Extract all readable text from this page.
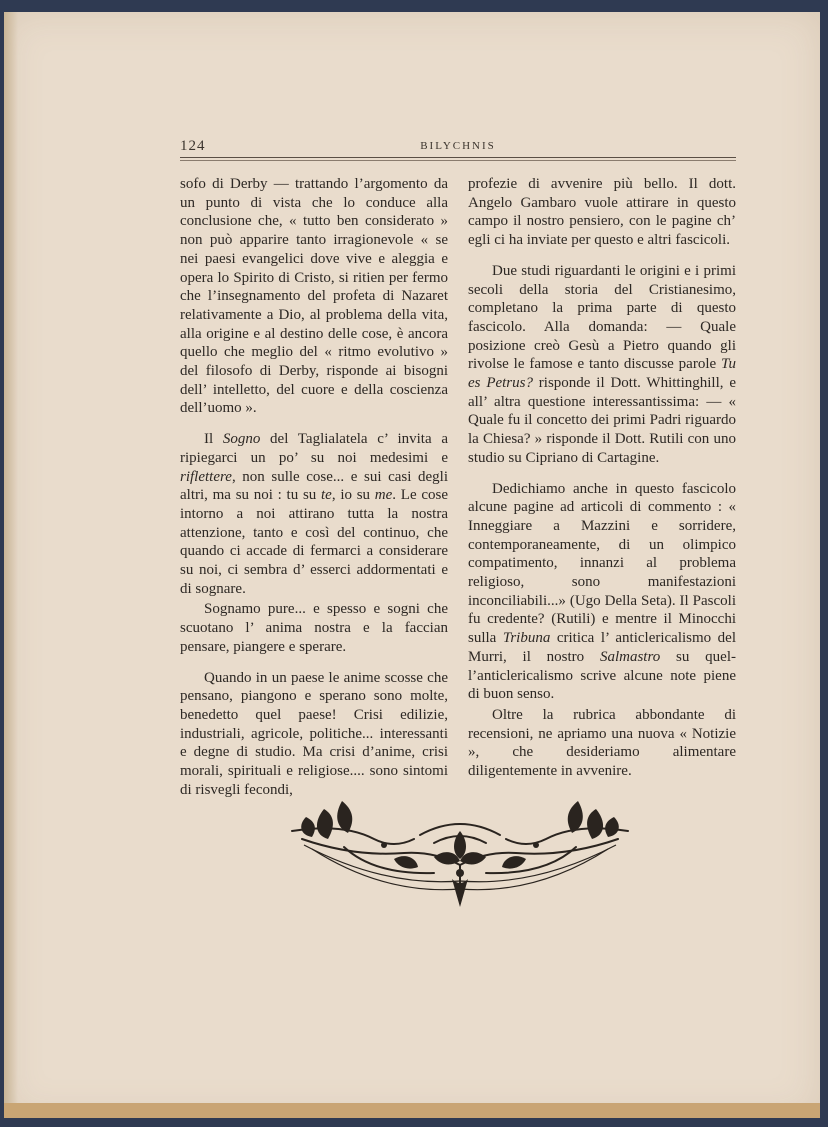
124	BILYCHNIS

sofo di Derby — trattando l’argomento da un punto di vista che lo conduce alla conclusione che, « tutto ben considerato » non può apparire tanto irragionevole « se nei paesi evangelici dove vive e aleggia e opera lo Spirito di Cristo, si ritien per fermo che l’insegnamento del profeta di Nazaret relativamente a Dio, al problema della vita, alla origine e al destino delle cose, è ancora quello che meglio del « ritmo evolutivo » del filosofo di Derby, risponde ai bisogni dell’ intelletto, del cuore e della coscienza dell’uomo ».

Il Sogno del Taglialatela c’ invita a ripiegarci un po’ su noi medesimi e riflettere, non sulle cose... e sui casi degli altri, ma su noi : tu su te, io su me. Le cose intorno a noi attirano tutta la nostra attenzione, tanto e così del continuo, che quando ci accade di fermarci a considerare su noi, ci sembra d’ esserci addormentati e di sognare.

Sognamo pure... e spesso e sogni che scuotano l’ anima nostra e la faccian pensare, piangere e sperare.

Quando in un paese le anime scosse che pensano, piangono e sperano sono molte, benedetto quel paese! Crisi edilizie, industriali, agricole, politiche... interessanti e degne di studio. Ma crisi d’anime, crisi morali, spirituali e religiose.... sono sintomi di risvegli fecondi,

profezie di avvenire più bello. Il dott. Angelo Gambaro vuole attirare in questo campo il nostro pensiero, con le pagine ch’ egli ci ha inviate per questo e altri fascicoli.

Due studi riguardanti le origini e i primi secoli della storia del Cristianesimo, completano la prima parte di questo fascicolo. Alla domanda: — Quale posizione creò Gesù a Pietro quando gli rivolse le famose e tanto discusse parole Tu es Petrus? risponde il Dott. Whittinghill, e all’ altra questione interessantissima: — « Quale fu il concetto dei primi Padri riguardo la Chiesa? » risponde il Dott. Rutili con uno studio su Cipriano di Cartagine.

Dedichiamo anche in questo fascicolo alcune pagine ad articoli di commento : « Inneggiare a Mazzini e sorridere, contemporaneamente, di un olimpico compatimento, innanzi al problema religioso, sono manifestazioni inconciliabili...» (Ugo Della Seta). Il Pascoli fu credente? (Rutili) e mentre il Minocchi sulla Tribuna critica l’ anticlericalismo del Murri, il nostro Salmastro su quel- l’anticlericalismo scrive alcune note piene di buon senso.

Oltre la rubrica abbondante di recensioni, ne apriamo una nuova « Notizie », che desideriamo alimentare diligentemente in avvenire.
